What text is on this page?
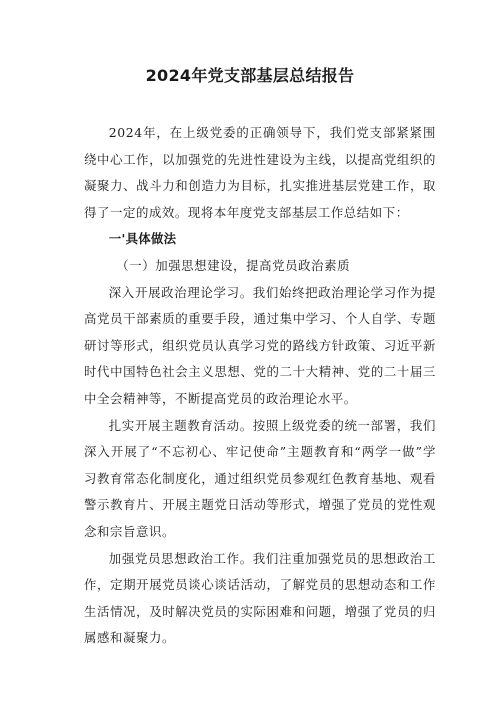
2024年党支部基层总结报告

2024年，在上级党委的正确领导下，我们党支部紧紧围绕中心工作，以加强党的先进性建设为主线，以提高党组织的凝聚力、战斗力和创造力为目标，扎实推进基层党建工作，取得了一定的成效。现将本年度党支部基层工作总结如下：

一'具体做法

（一）加强思想建设，提高党员政治素质

深入开展政治理论学习。我们始终把政治理论学习作为提高党员干部素质的重要手段，通过集中学习、个人自学、专题研讨等形式，组织党员认真学习党的路线方针政策、习近平新时代中国特色社会主义思想、党的二十大精神、党的二十届三中全会精神等，不断提高党员的政治理论水平。

扎实开展主题教育活动。按照上级党委的统一部署，我们深入开展了“不忘初心、牢记使命”主题教育和“两学一做”学习教育常态化制度化，通过组织党员参观红色教育基地、观看警示教育片、开展主题党日活动等形式，增强了党员的党性观念和宗旨意识。

加强党员思想政治工作。我们注重加强党员的思想政治工作，定期开展党员谈心谈话活动，了解党员的思想动态和工作生活情况，及时解决党员的实际困难和问题，增强了党员的归属感和凝聚力。
